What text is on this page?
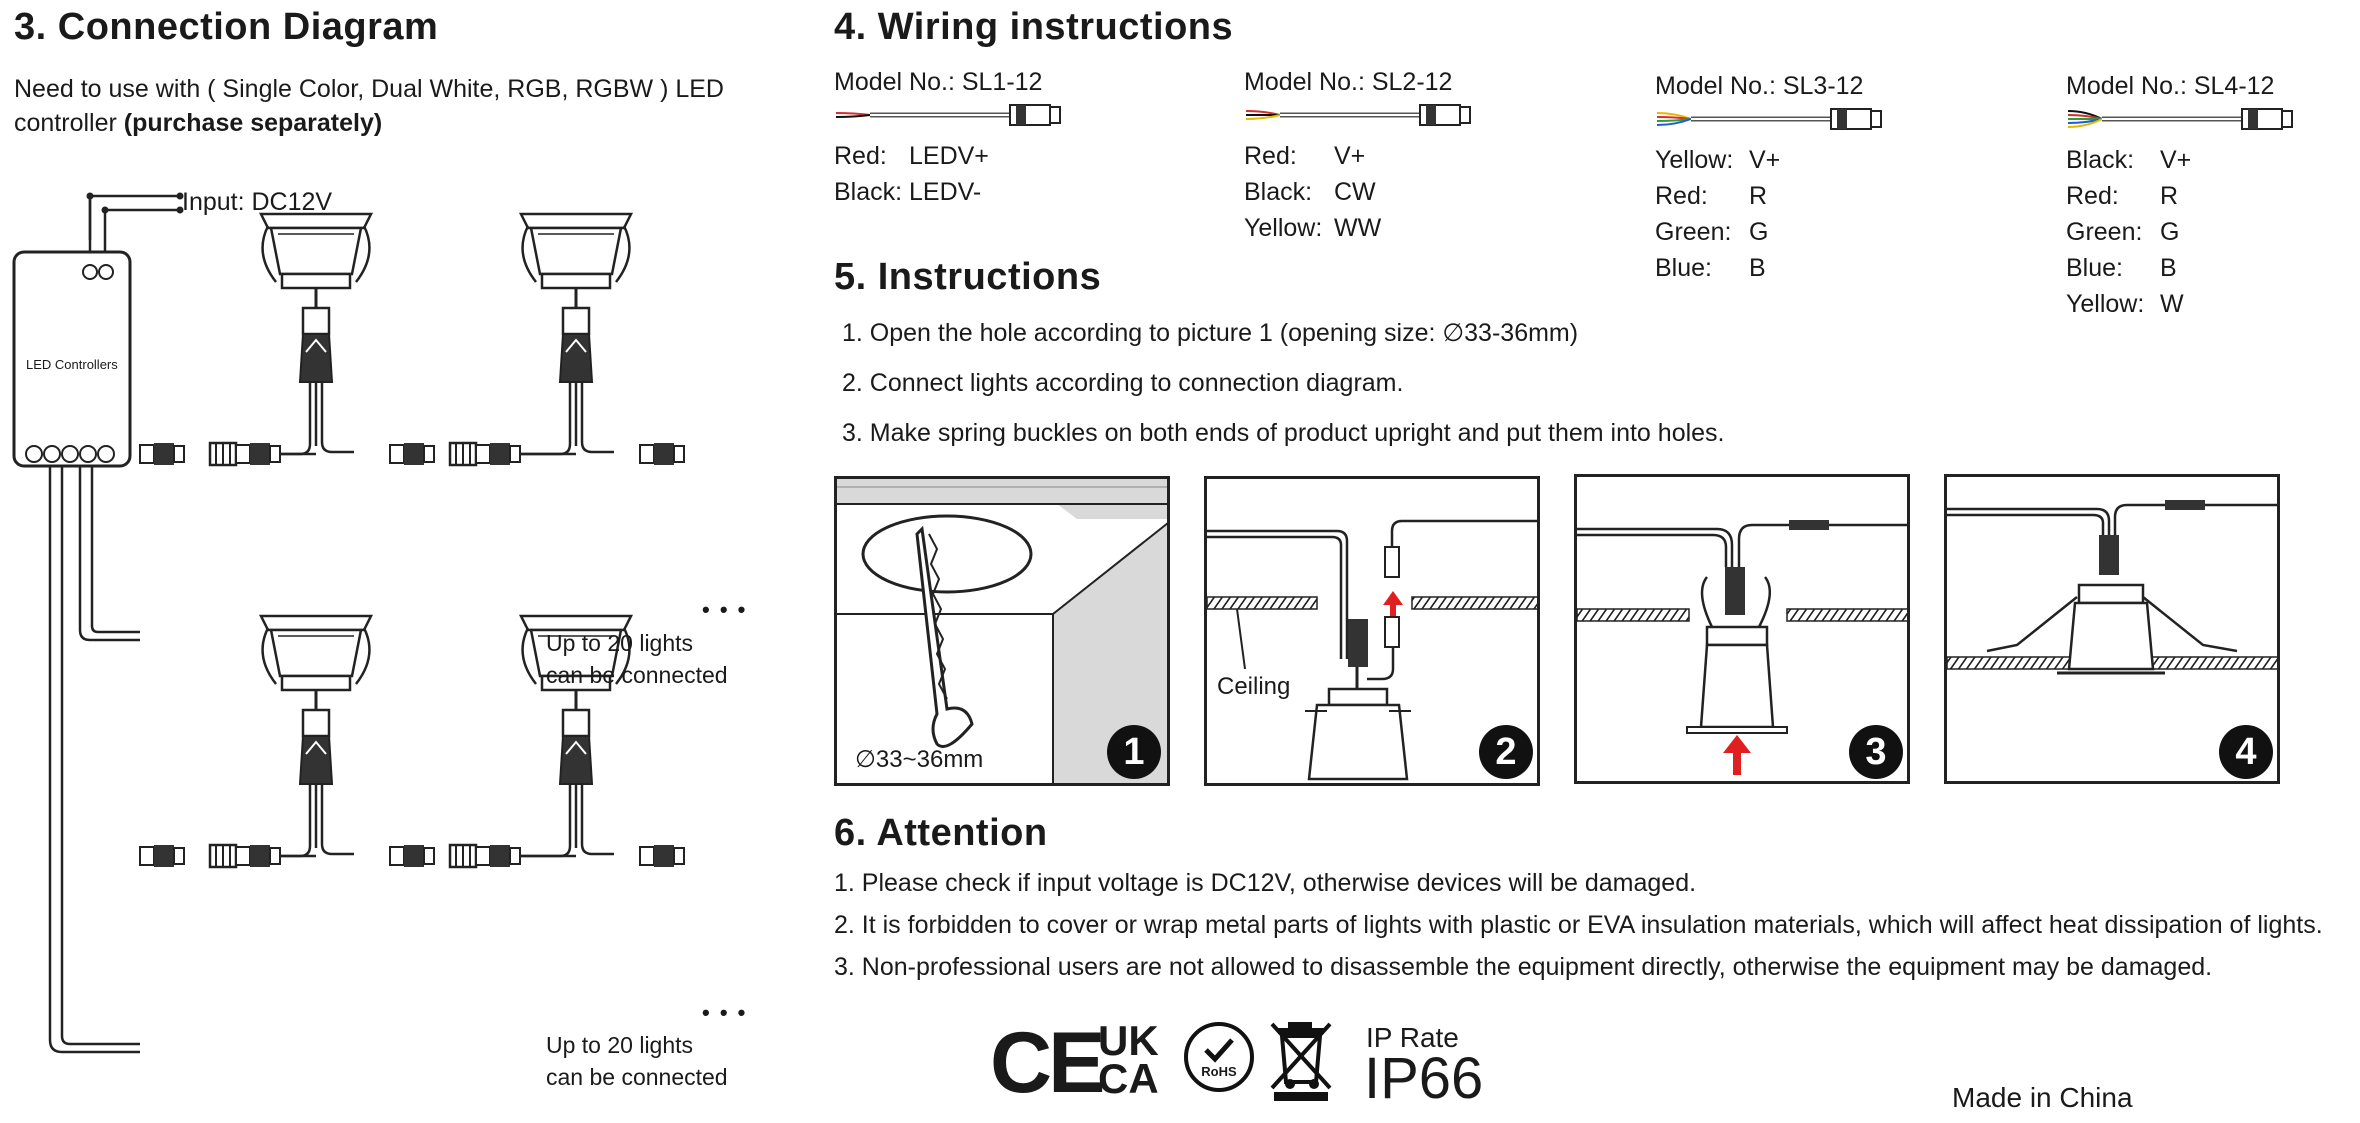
3. Connection Diagram
Need to use with ( Single Color, Dual White, RGB, RGBW ) LED
controller (purchase separately)
Input: DC12V
LED Controllers
• • •
• • •
Up to 20 lights
can be connected
Up to 20 lights
can be connected
4. Wiring instructions
Model No.: SL1-12
Red: LEDV+
Black: LEDV-
Model No.: SL2-12
Red: V+
Black: CW
Yellow: WW
Model No.: SL3-12
Yellow: V+
Red: R
Green: G
Blue: B
Model No.: SL4-12
Black: V+
Red: R
Green: G
Blue: B
Yellow: W
5. Instructions
1. Open the hole according to picture 1 (opening size: ∅33-36mm)
2. Connect lights according to connection diagram.
3. Make spring buckles on both ends of product upright and put them into holes.
∅33~36mm	1
Ceiling
2	3	4
6. Attention
1. Please check if input voltage is DC12V, otherwise devices will be damaged.
2. It is forbidden to cover or wrap metal parts of lights with plastic or EVA insulation materials, which will affect heat dissipation of lights.
3. Non-professional users are not allowed to disassemble the equipment directly, otherwise the equipment may be damaged.
CE
UK
CA	RoHS
IP Rate
IP66	Made in China
